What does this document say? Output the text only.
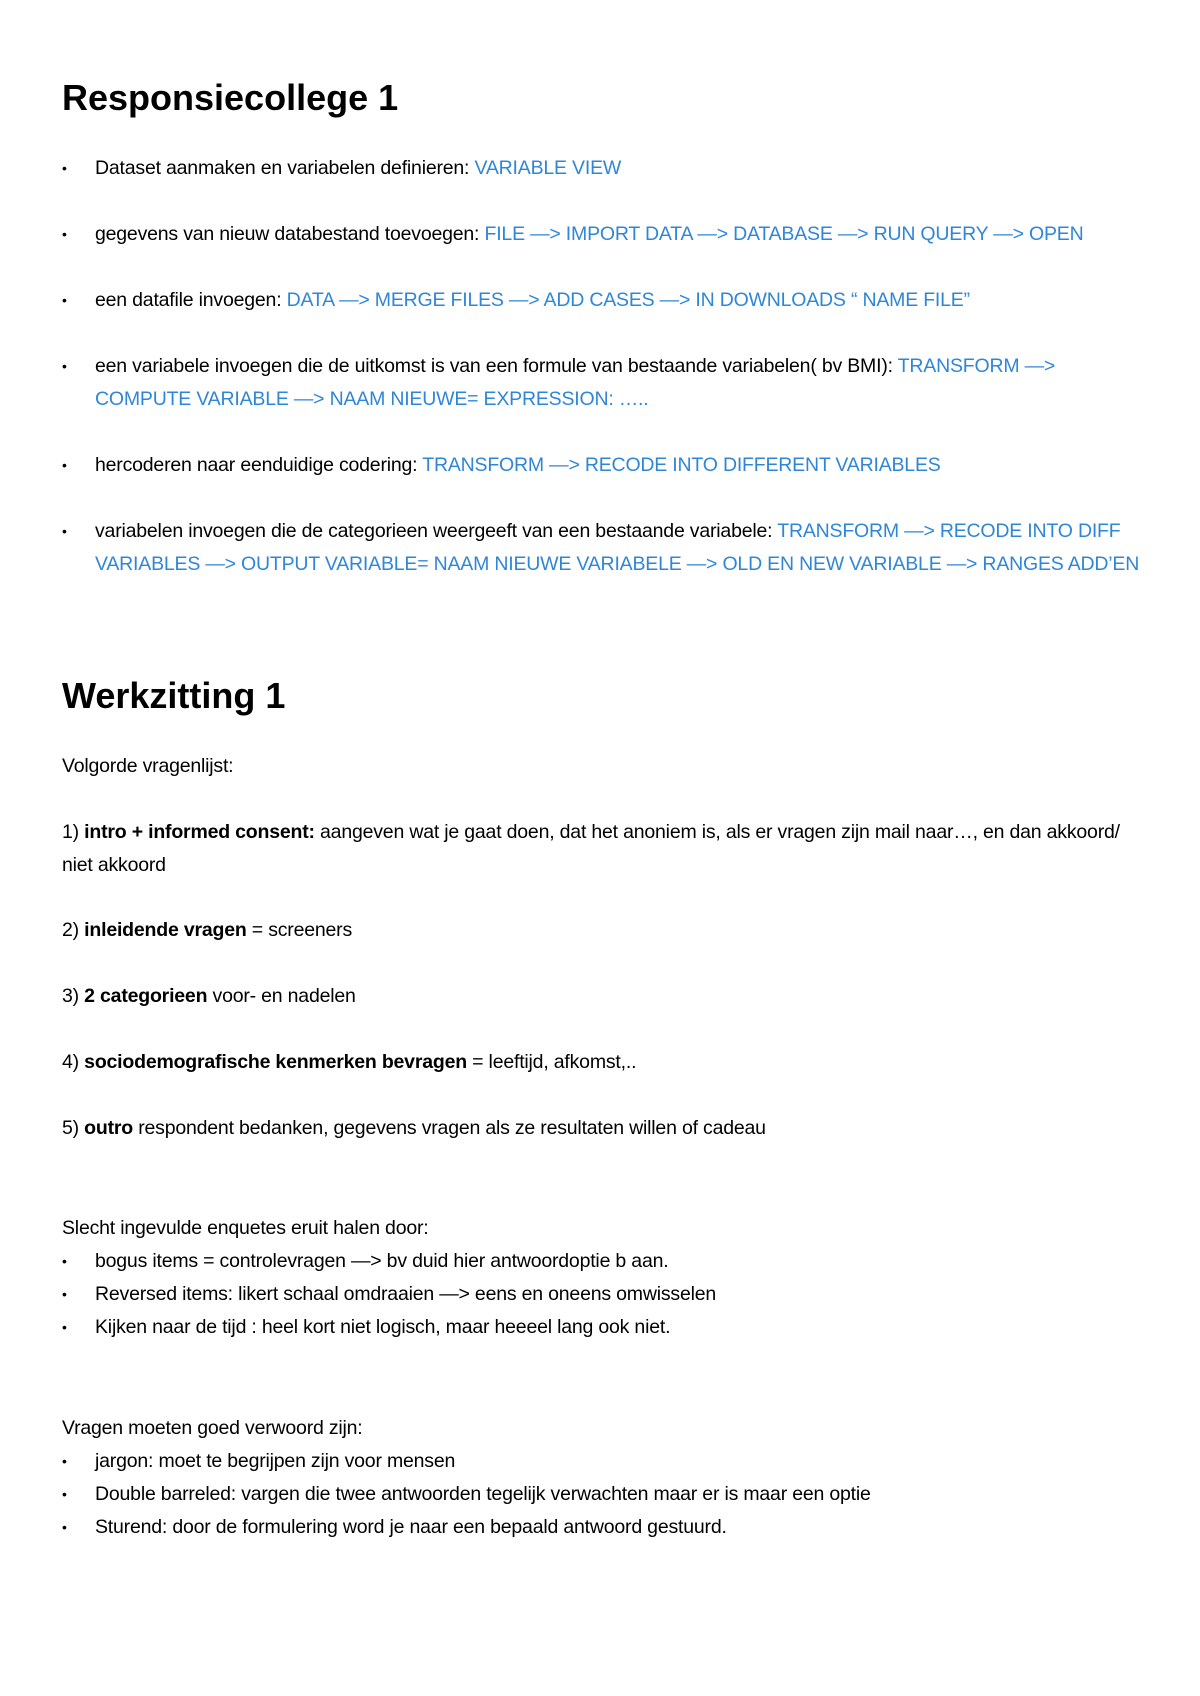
Responsiecollege 1
• Dataset aanmaken en variabelen definieren: VARIABLE VIEW
• gegevens van nieuw databestand toevoegen: FILE —> IMPORT DATA —> DATABASE —> RUN QUERY —> OPEN
• een datafile invoegen: DATA —> MERGE FILES —> ADD CASES —> IN DOWNLOADS “ NAME FILE”
• een variabele invoegen die de uitkomst is van een formule van bestaande variabelen( bv BMI): TRANSFORM —> COMPUTE VARIABLE —> NAAM NIEUWE= EXPRESSION: …..
• hercoderen naar eenduidige codering: TRANSFORM —> RECODE INTO DIFFERENT VARIABLES
• variabelen invoegen die de categorieen weergeeft van een bestaande variabele: TRANSFORM —> RECODE INTO DIFF VARIABLES —> OUTPUT VARIABLE= NAAM NIEUWE VARIABELE —> OLD EN NEW VARIABLE —> RANGES ADD’EN
Werkzitting 1

Volgorde vragenlijst:

1) intro + informed consent: aangeven wat je gaat doen, dat het anoniem is, als er vragen zijn mail naar…, en dan akkoord/ niet akkoord

2) inleidende vragen = screeners

3) 2 categorieen voor- en nadelen

4) sociodemografische kenmerken bevragen = leeftijd, afkomst,..

5) outro respondent bedanken, gegevens vragen als ze resultaten willen of cadeau

Slecht ingevulde enquetes eruit halen door:

• bogus items = controlevragen —> bv duid hier antwoordoptie b aan.
• Reversed items: likert schaal omdraaien —> eens en oneens omwisselen
• Kijken naar de tijd : heel kort niet logisch, maar heeeel lang ook niet.

Vragen moeten goed verwoord zijn:

• jargon: moet te begrijpen zijn voor mensen
• Double barreled: vargen die twee antwoorden tegelijk verwachten maar er is maar een optie
• Sturend: door de formulering word je naar een bepaald antwoord gestuurd.
